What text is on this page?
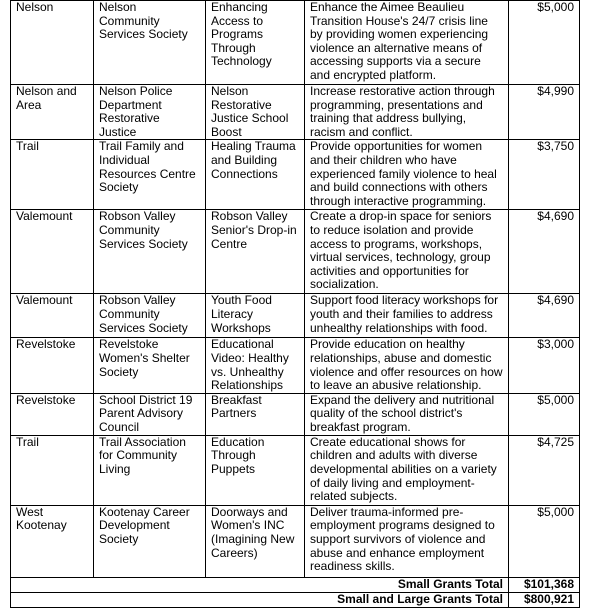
Nelson	Nelson Community Services Society	Enhancing Access to Programs Through Technology	Enhance the Aimee Beaulieu Transition House's 24/7 crisis line by providing women experiencing violence an alternative means of accessing supports via a secure and encrypted platform.	$5,000
Nelson and Area	Nelson Police Department Restorative Justice	Nelson Restorative Justice School Boost	Increase restorative action through programming, presentations and training that address bullying, racism and conflict.	$4,990
Trail	Trail Family and Individual Resources Centre Society	Healing Trauma and Building Connections	Provide opportunities for women and their children who have experienced family violence to heal and build connections with others through interactive programming.	$3,750
Valemount	Robson Valley Community Services Society	Robson Valley Senior's Drop-in Centre	Create a drop-in space for seniors to reduce isolation and provide access to programs, workshops, virtual services, technology, group activities and opportunities for socialization.	$4,690
Valemount	Robson Valley Community Services Society	Youth Food Literacy Workshops	Support food literacy workshops for youth and their families to address unhealthy relationships with food.	$4,690
Revelstoke	Revelstoke Women's Shelter Society	Educational Video: Healthy vs. Unhealthy Relationships	Provide education on healthy relationships, abuse and domestic violence and offer resources on how to leave an abusive relationship.	$3,000
Revelstoke	School District 19 Parent Advisory Council	Breakfast Partners	Expand the delivery and nutritional quality of the school district's breakfast program.	$5,000
Trail	Trail Association for Community Living	Education Through Puppets	Create educational shows for children and adults with diverse developmental abilities on a variety of daily living and employment-related subjects.	$4,725
West Kootenay	Kootenay Career Development Society	Doorways and Women's INC (Imagining New Careers)	Deliver trauma-informed pre-employment programs designed to support survivors of violence and abuse and enhance employment readiness skills.	$5,000
Small Grants Total				$101,368
Small and Large Grants Total				$800,921
